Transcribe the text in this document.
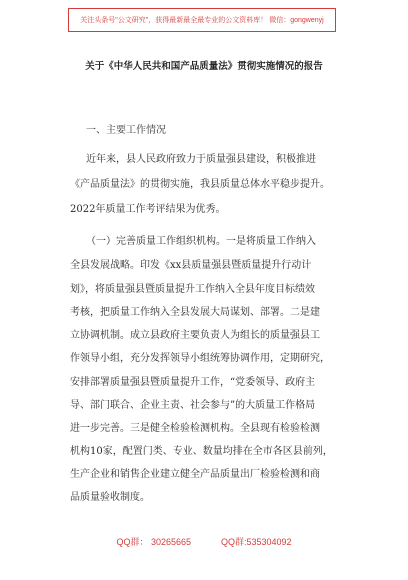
关注头条号"公文研究"，获得最新最全最专业的公文资料库！ 微信：gongwenyj
关于《中华人民共和国产品质量法》贯彻实施情况的报告
一、主要工作情况
近年来，县人民政府致力于质量强县建设，积极推进
《产品质量法》的贯彻实施，我县质量总体水平稳步提升。
2022年质量工作考评结果为优秀。
（一）完善质量工作组织机构。一是将质量工作纳入
全县发展战略。印发《xx县质量强县暨质量提升行动计
划》，将质量强县暨质量提升工作纳入全县年度目标绩效
考核，把质量工作纳入全县发展大局谋划、部署。二是建
立协调机制。成立县政府主要负责人为组长的质量强县工
作领导小组，充分发挥领导小组统筹协调作用，定期研究，
安排部署质量强县暨质量提升工作，“党委领导、政府主
导、部门联合、企业主责、社会参与”的大质量工作格局
进一步完善。三是健全检验检测机构。全县现有检验检测
机构10家，配置门类、专业、数量均排在全市各区县前列，
生产企业和销售企业建立健全产品质量出厂检验检测和商
品质量验收制度。
QQ群： 30265665	QQ群:535304092
